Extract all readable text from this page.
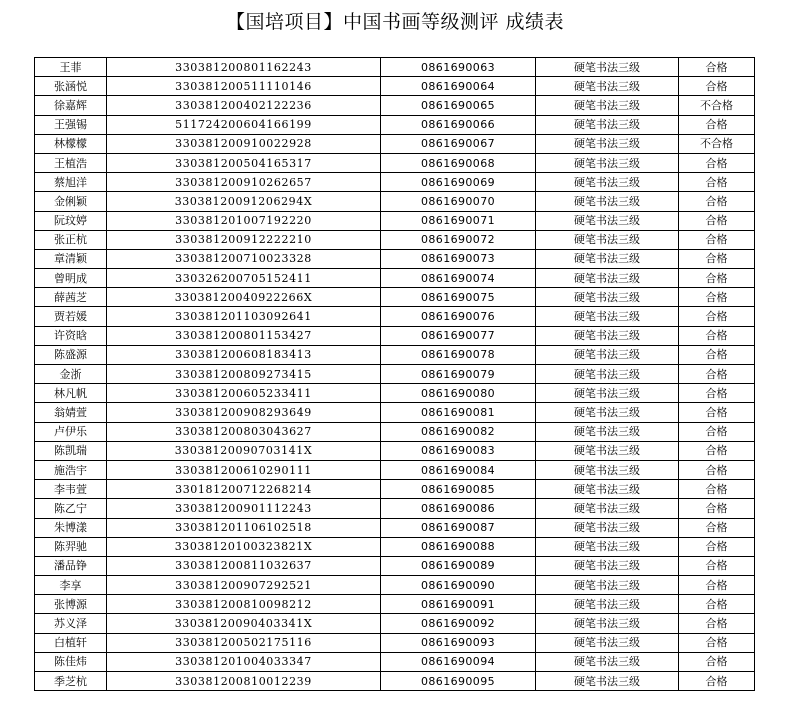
【国培项目】中国书画等级测评 成绩表
王菲	330381200801162243	0861690063	硬笔书法三级	合格
张涵悦	330381200511110146	0861690064	硬笔书法三级	合格
徐嘉辉	330381200402122236	0861690065	硬笔书法三级	不合格
王强锡	511724200604166199	0861690066	硬笔书法三级	合格
林檬檬	330381200910022928	0861690067	硬笔书法三级	不合格
王植浩	330381200504165317	0861690068	硬笔书法三级	合格
蔡旭洋	330381200910262657	0861690069	硬笔书法三级	合格
金俐颖	33038120091206294X	0861690070	硬笔书法三级	合格
阮玟婷	330381201007192220	0861690071	硬笔书法三级	合格
张正杭	330381200912222210	0861690072	硬笔书法三级	合格
章清颖	330381200710023328	0861690073	硬笔书法三级	合格
曾明成	330326200705152411	0861690074	硬笔书法三级	合格
薛茜芝	33038120040922266X	0861690075	硬笔书法三级	合格
贾若媛	330381201103092641	0861690076	硬笔书法三级	合格
许资晗	330381200801153427	0861690077	硬笔书法三级	合格
陈盛源	330381200608183413	0861690078	硬笔书法三级	合格
金浙	330381200809273415	0861690079	硬笔书法三级	合格
林凡帆	330381200605233411	0861690080	硬笔书法三级	合格
翁婧萱	330381200908293649	0861690081	硬笔书法三级	合格
卢伊乐	330381200803043627	0861690082	硬笔书法三级	合格
陈凯瑞	33038120090703141X	0861690083	硬笔书法三级	合格
施浩宇	330381200610290111	0861690084	硬笔书法三级	合格
李韦萱	330181200712268214	0861690085	硬笔书法三级	合格
陈乙宁	330381200901112243	0861690086	硬笔书法三级	合格
朱博漾	330381201106102518	0861690087	硬笔书法三级	合格
陈羿驰	33038120100323821X	0861690088	硬笔书法三级	合格
潘品铮	330381200811032637	0861690089	硬笔书法三级	合格
李享	330381200907292521	0861690090	硬笔书法三级	合格
张博源	330381200810098212	0861690091	硬笔书法三级	合格
苏义泽	33038120090403341X	0861690092	硬笔书法三级	合格
白植轩	330381200502175116	0861690093	硬笔书法三级	合格
陈佳炜	330381201004033347	0861690094	硬笔书法三级	合格
季芝杭	330381200810012239	0861690095	硬笔书法三级	合格
